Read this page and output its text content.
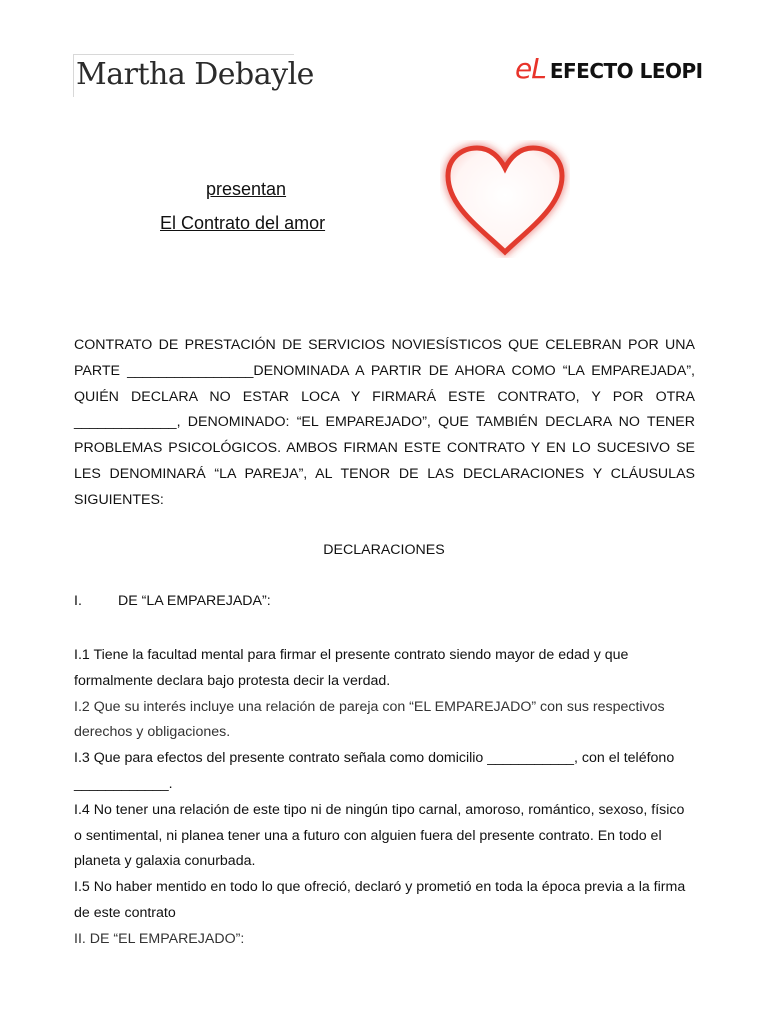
Martha Debayle	eL EFECTO LEOPI
presentan
El Contrato del amor

CONTRATO DE PRESTACIÓN DE SERVICIOS NOVIESÍSTICOS QUE CELEBRAN POR UNA PARTE ________________DENOMINADA A PARTIR DE AHORA COMO “LA EMPAREJADA”, QUIÉN DECLARA NO ESTAR LOCA Y FIRMARÁ ESTE CONTRATO, Y POR OTRA _____________, DENOMINADO: “EL EMPAREJADO”, QUE TAMBIÉN DECLARA NO TENER PROBLEMAS PSICOLÓGICOS. AMBOS FIRMAN ESTE CONTRATO Y EN LO SUCESIVO SE LES DENOMINARÁ “LA PAREJA”, AL TENOR DE LAS DECLARACIONES Y CLÁUSULAS SIGUIENTES:

DECLARACIONES
I.	DE “LA EMPAREJADA”:

I.1 Tiene la facultad mental para firmar el presente contrato siendo mayor de edad y que formalmente declara bajo protesta decir la verdad.

I.2 Que su interés incluye una relación de pareja con “EL EMPAREJADO” con sus respectivos derechos y obligaciones.

I.3 Que para efectos del presente contrato señala como domicilio ___________, con el teléfono ____________.

I.4 No tener una relación de este tipo ni de ningún tipo carnal, amoroso, romántico, sexoso, físico o sentimental, ni planea tener una a futuro con alguien fuera del presente contrato. En todo el planeta y galaxia conurbada.

I.5 No haber mentido en todo lo que ofreció, declaró y prometió en toda la época previa a la firma de este contrato

II. DE “EL EMPAREJADO”:
